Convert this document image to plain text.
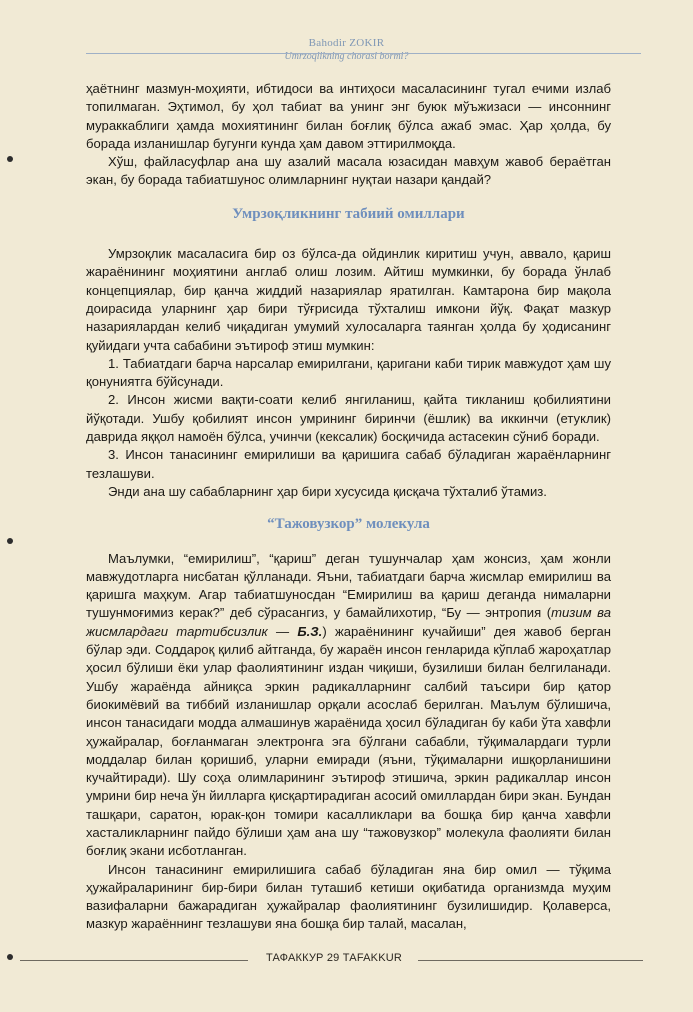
Bahodir ZOKIR
Umrzoqlikning chorasi bormi?

ҳаётнинг мазмун-моҳияти, ибтидоси ва интиҳоси масаласининг тугал ечими излаб топилмаган. Эҳтимол, бу ҳол табиат ва унинг энг буюк мўъжизаси — инсоннинг мураккаблиги ҳамда мохиятининг билан боғлиқ бўлса ажаб эмас. Ҳар ҳолда, бу борада изланишлар бугунги кунда ҳам давом эттирилмоқда.

Хўш, файласуфлар ана шу азалий масала юзасидан мавҳум жавоб бераётган экан, бу борада табиатшунос олимларнинг нуқтаи назари қандай?

Умрзоқликнинг табиий омиллари

Умрзоқлик масаласига бир оз бўлса-да ойдинлик киритиш учун, аввало, қариш жараёнининг моҳиятини англаб олиш лозим. Айтиш мумкинки, бу борада ўнлаб концепциялар, бир қанча жиддий назариялар яратилган. Камтарона бир мақола доирасида уларнинг ҳар бири тўғрисида тўхталиш имкони йўқ. Фақат мазкур назариялардан келиб чиқадиган умумий хулосаларга таянган ҳолда бу ҳодисанинг қуйидаги учта сабабини эътироф этиш мумкин:

1. Табиатдаги барча нарсалар емирилгани, қаригани каби тирик мавжудот ҳам шу қонуниятга бўйсунади.

2. Инсон жисми вақти-соати келиб янгиланиш, қайта тикланиш қобилиятини йўқотади. Ушбу қобилият инсон умрининг биринчи (ёшлик) ва иккинчи (етуклик) даврида яққол намоён бўлса, учинчи (кексалик) босқичида астасекин сўниб боради.

3. Инсон танасининг емирилиши ва қаришига сабаб бўладиган жараёнларнинг тезлашуви.

Энди ана шу сабабларнинг ҳар бири хусусида қисқача тўхталиб ўтамиз.

“Тажовузкор” молекула

Маълумки, “емирилиш”, “қариш” деган тушунчалар ҳам жонсиз, ҳам жонли мавжудотларга нисбатан қўлланади. Яъни, табиатдаги барча жисмлар емирилиш ва қаришга маҳкум. Агар табиатшуносдан “Емирилиш ва қариш деганда нималарни тушунмоғимиз керак?” деб сўрасангиз, у бамайлихотир, “Бу — энтропия (тизим ва жисмлардаги тартибсизлик — Б.З.) жараёнининг кучайиши” дея жавоб берган бўлар эди. Соддароқ қилиб айтганда, бу жараён инсон генларида кўплаб жароҳатлар ҳосил бўлиши ёки улар фаолиятининг издан чиқиши, бузилиши билан белгиланади. Ушбу жараёнда айниқса эркин радикалларнинг салбий таъсири бир қатор биокимёвий ва тиббий изланишлар орқали асослаб берилган. Маълум бўлишича, инсон танасидаги модда алмашинув жараёнида ҳосил бўладиган бу каби ўта хавфли ҳужайралар, боғланмаган электронга эга бўлгани сабабли, тўқималардаги турли моддалар билан қоришиб, уларни емиради (яъни, тўқималарни ишқорланишини кучайтиради). Шу соҳа олимларининг эътироф этишича, эркин радикаллар инсон умрини бир неча ўн йилларга қисқартирадиган асосий омиллардан бири экан. Бундан ташқари, саратон, юрак-қон томири касалликлари ва бошқа бир қанча хавфли хасталикларнинг пайдо бўлиши ҳам ана шу “тажовузкор” молекула фаолияти билан боғлиқ экани исботланган.

Инсон танасининг емирилишига сабаб бўладиган яна бир омил — тўқима ҳужайраларининг бир-бири билан туташиб кетиши оқибатида организмда муҳим вазифаларни бажарадиган ҳужайралар фаолиятининг бузилишидир. Қолаверса, мазкур жараённинг тезлашуви яна бошқа бир талай, масалан,

ТАФАККУР 29 ТАFAKKUR
